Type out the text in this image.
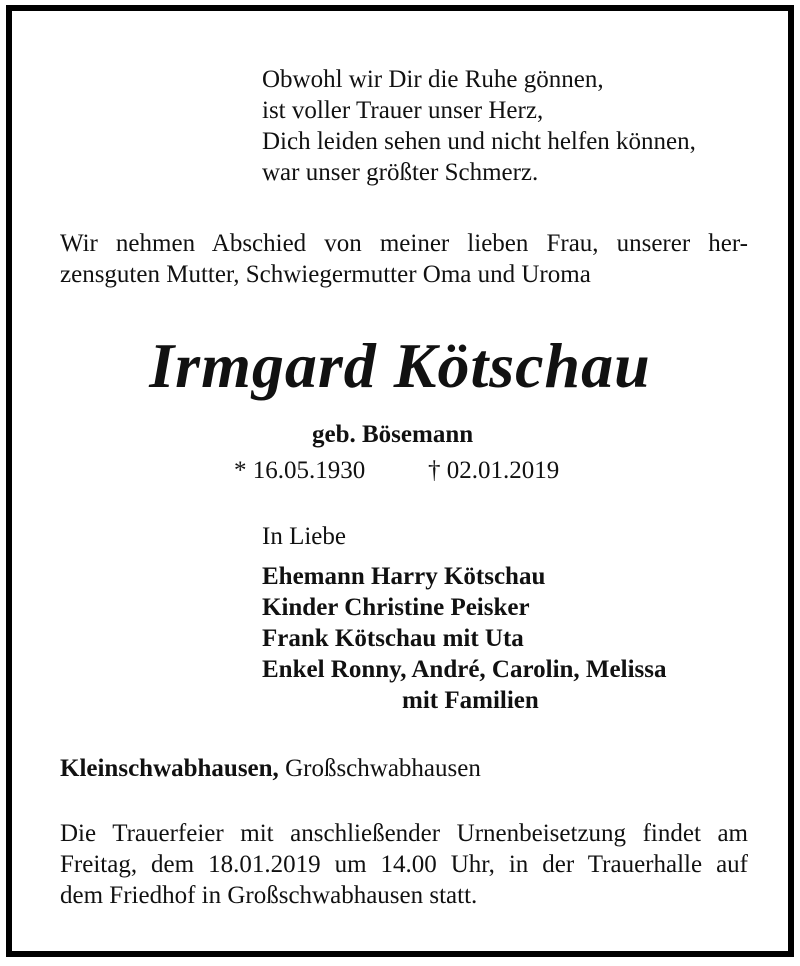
Obwohl wir Dir die Ruhe gönnen,
ist voller Trauer unser Herz,
Dich leiden sehen und nicht helfen können,
war unser größter Schmerz.
Wir nehmen Abschied von meiner lieben Frau, unserer her-
zensguten Mutter, Schwiegermutter Oma und Uroma
Irmgard Kötschau
geb. Bösemann
* 16.05.1930	† 02.01.2019
In Liebe
Ehemann Harry Kötschau
Kinder Christine Peisker
Frank Kötschau mit Uta
Enkel Ronny, André, Carolin, Melissa
mit Familien
Kleinschwabhausen, Großschwabhausen
Die Trauerfeier mit anschließender Urnenbeisetzung findet am
Freitag, dem 18.01.2019 um 14.00 Uhr, in der Trauerhalle auf
dem Friedhof in Großschwabhausen statt.
